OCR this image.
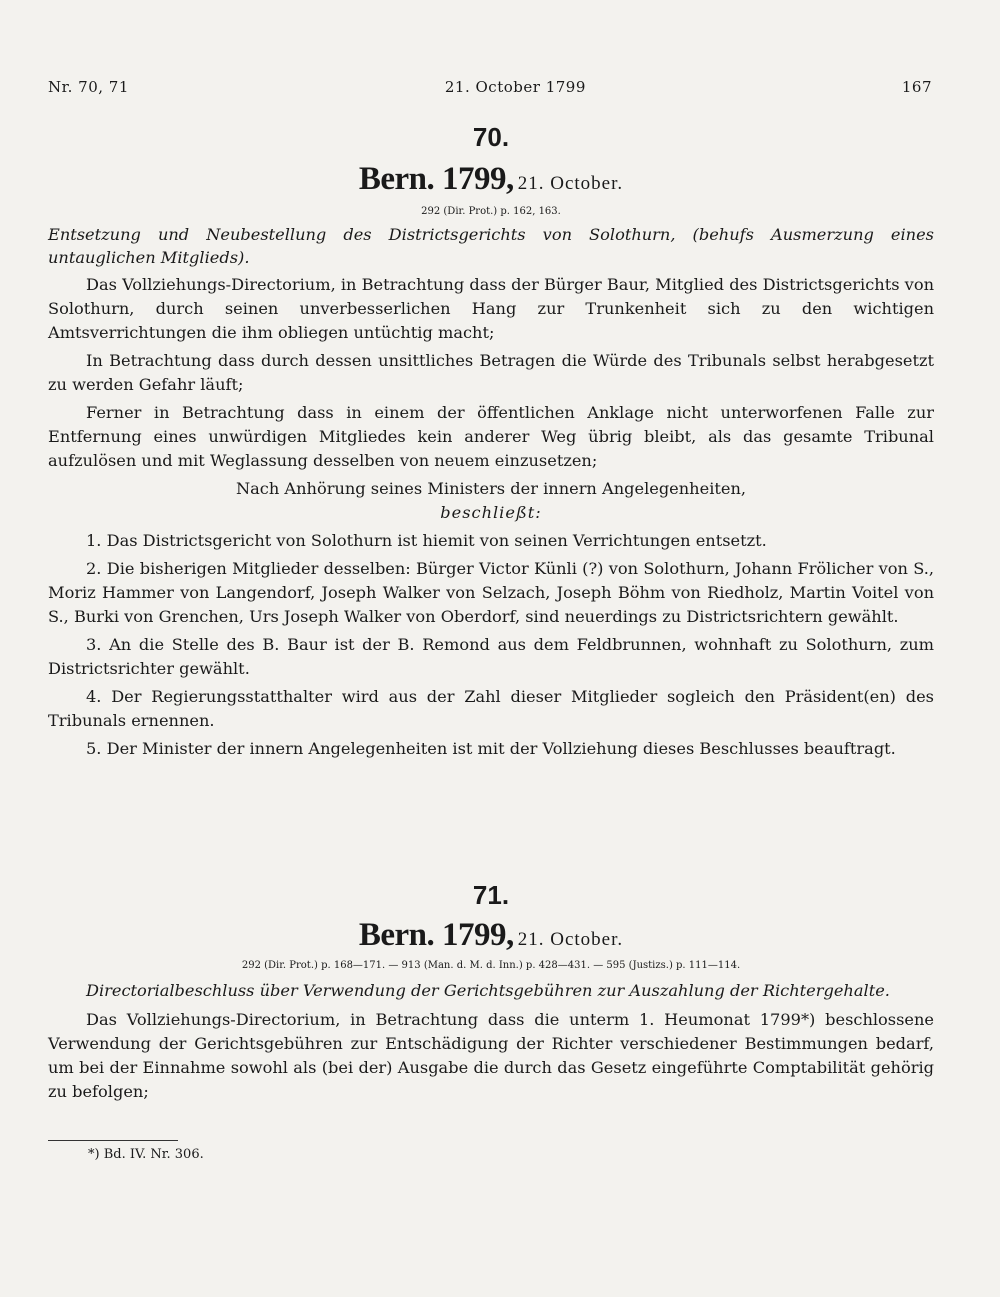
Nr. 70, 71	21. October 1799	167

70.

Bern. 1799, 21. October.

292 (Dir. Prot.) p. 162, 163.

Entsetzung und Neubestellung des Districtsgerichts von Solothurn, (behufs Ausmerzung eines untauglichen Mitglieds).

Das Vollziehungs-Directorium, in Betrachtung dass der Bürger Baur, Mitglied des Districtsgerichts von Solothurn, durch seinen unverbesserlichen Hang zur Trunkenheit sich zu den wichtigen Amtsverrichtungen die ihm obliegen untüchtig macht;

In Betrachtung dass durch dessen unsittliches Betragen die Würde des Tribunals selbst herabgesetzt zu werden Gefahr läuft;

Ferner in Betrachtung dass in einem der öffentlichen Anklage nicht unterworfenen Falle zur Entfernung eines unwürdigen Mitgliedes kein anderer Weg übrig bleibt, als das gesamte Tribunal aufzulösen und mit Weglassung desselben von neuem einzusetzen;

Nach Anhörung seines Ministers der innern Angelegenheiten,

beschließt:

1. Das Districtsgericht von Solothurn ist hiemit von seinen Verrichtungen entsetzt.

2. Die bisherigen Mitglieder desselben: Bürger Victor Künli (?) von Solothurn, Johann Frölicher von S., Moriz Hammer von Langendorf, Joseph Walker von Selzach, Joseph Böhm von Riedholz, Martin Voitel von S., Burki von Grenchen, Urs Joseph Walker von Oberdorf, sind neuerdings zu Districtsrichtern gewählt.

3. An die Stelle des B. Baur ist der B. Remond aus dem Feldbrunnen, wohnhaft zu Solothurn, zum Districtsrichter gewählt.

4. Der Regierungsstatthalter wird aus der Zahl dieser Mitglieder sogleich den Präsident(en) des Tribunals ernennen.

5. Der Minister der innern Angelegenheiten ist mit der Vollziehung dieses Beschlusses beauftragt.

71.

Bern. 1799, 21. October.

292 (Dir. Prot.) p. 168—171. — 913 (Man. d. M. d. Inn.) p. 428—431. — 595 (Justizs.) p. 111—114.

Directorialbeschluss über Verwendung der Gerichtsgebühren zur Auszahlung der Richtergehalte.

Das Vollziehungs-Directorium, in Betrachtung dass die unterm 1. Heumonat 1799*) beschlossene Verwendung der Gerichtsgebühren zur Entschädigung der Richter verschiedener Bestimmungen bedarf, um bei der Einnahme sowohl als (bei der) Ausgabe die durch das Gesetz eingeführte Comptabilität gehörig zu befolgen;

*) Bd. IV. Nr. 306.
